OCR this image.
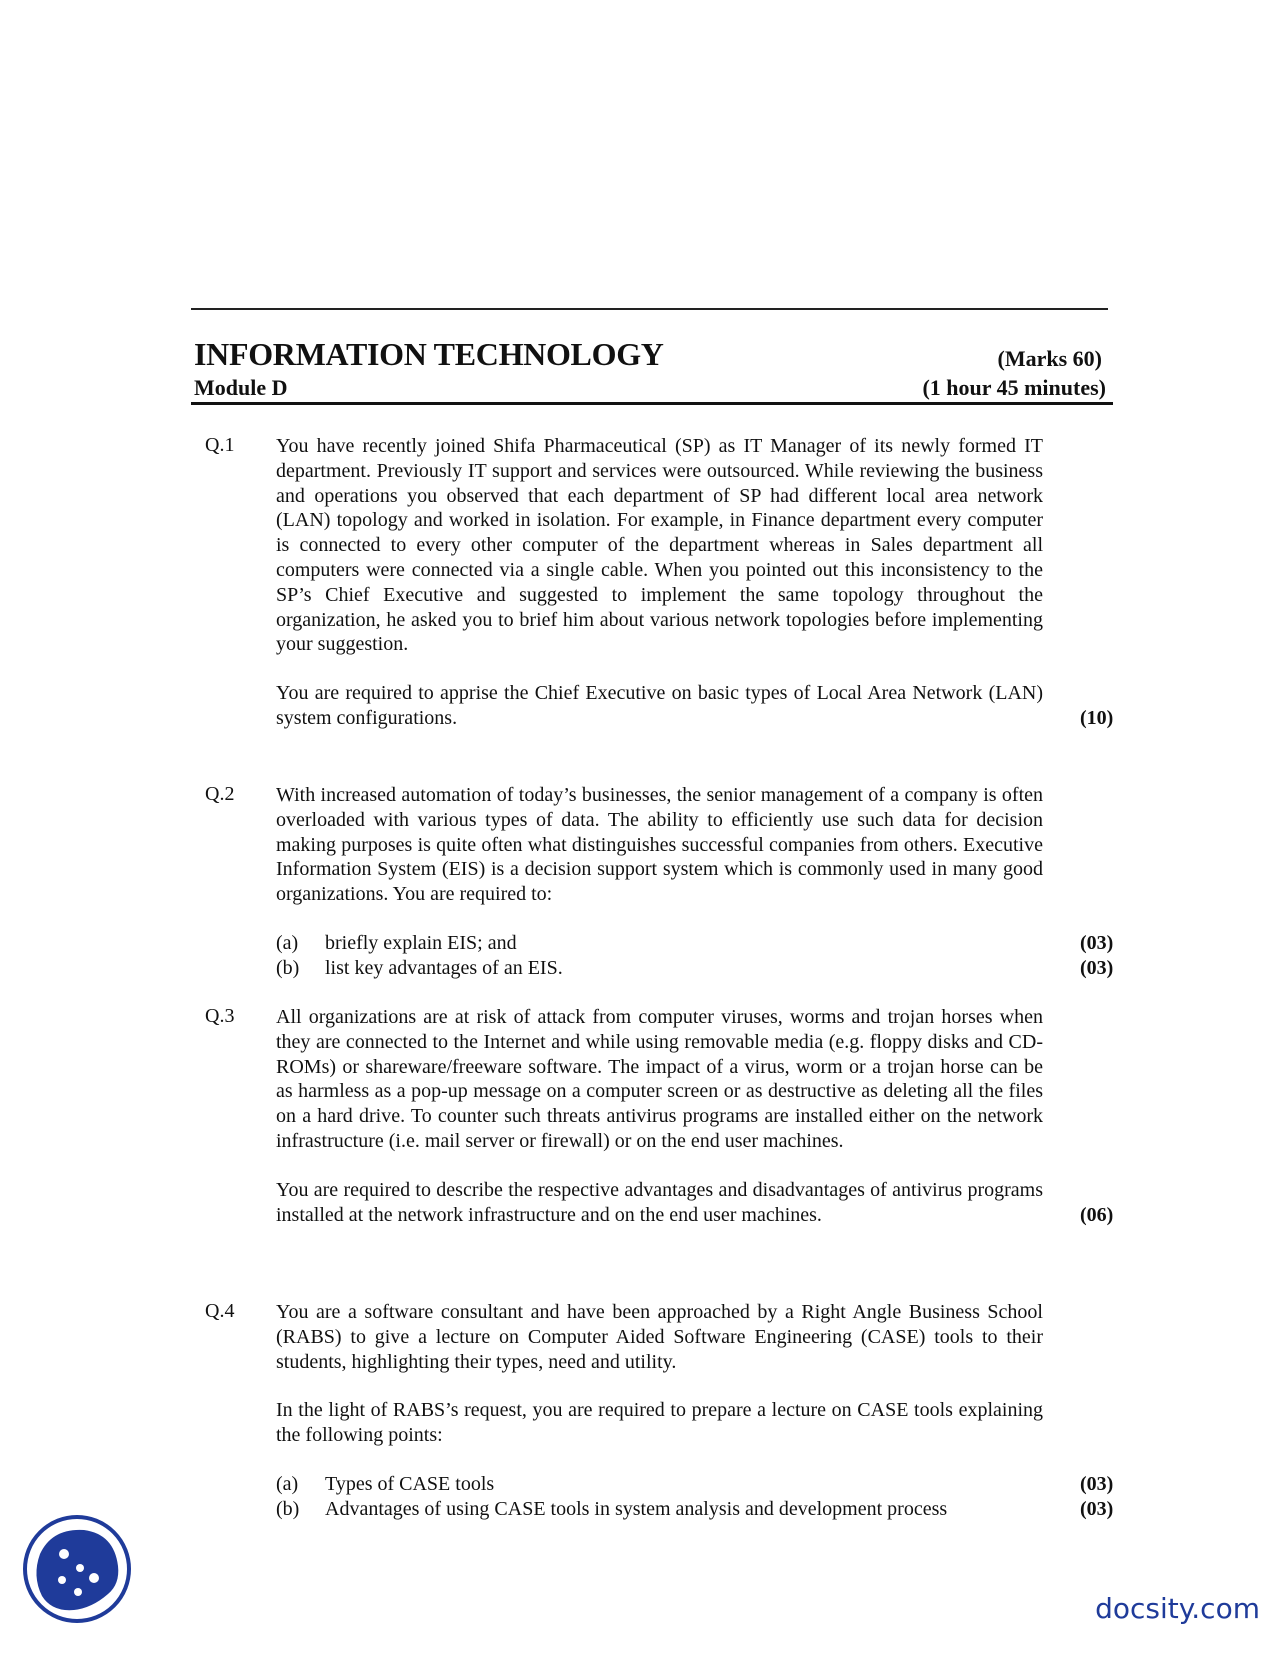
INFORMATION TECHNOLOGY	(Marks 60)
Module D	(1 hour 45 minutes)
Q.1 You have recently joined Shifa Pharmaceutical (SP) as IT Manager of its newly formed IT department. Previously IT support and services were outsourced. While reviewing the business and operations you observed that each department of SP had different local area network (LAN) topology and worked in isolation. For example, in Finance department every computer is connected to every other computer of the department whereas in Sales department all computers were connected via a single cable. When you pointed out this inconsistency to the SP’s Chief Executive and suggested to implement the same topology throughout the organization, he asked you to brief him about various network topologies before implementing your suggestion.

You are required to apprise the Chief Executive on basic types of Local Area Network (LAN) system configurations.	(10)

Q.2 With increased automation of today’s businesses, the senior management of a company is often overloaded with various types of data. The ability to efficiently use such data for decision making purposes is quite often what distinguishes successful companies from others. Executive Information System (EIS) is a decision support system which is commonly used in many good organizations. You are required to:

(a) briefly explain EIS; and	(03)
(b) list key advantages of an EIS.	(03)
Q.3 All organizations are at risk of attack from computer viruses, worms and trojan horses when they are connected to the Internet and while using removable media (e.g. floppy disks and CD-ROMs) or shareware/freeware software. The impact of a virus, worm or a trojan horse can be as harmless as a pop-up message on a computer screen or as destructive as deleting all the files on a hard drive. To counter such threats antivirus programs are installed either on the network infrastructure (i.e. mail server or firewall) or on the end user machines.

You are required to describe the respective advantages and disadvantages of antivirus programs installed at the network infrastructure and on the end user machines.	(06)

Q.4 You are a software consultant and have been approached by a Right Angle Business School (RABS) to give a lecture on Computer Aided Software Engineering (CASE) tools to their students, highlighting their types, need and utility.

In the light of RABS’s request, you are required to prepare a lecture on CASE tools explaining the following points:

(a) Types of CASE tools	(03)
(b) Advantages of using CASE tools in system analysis and development process	(03)
docsity.com
